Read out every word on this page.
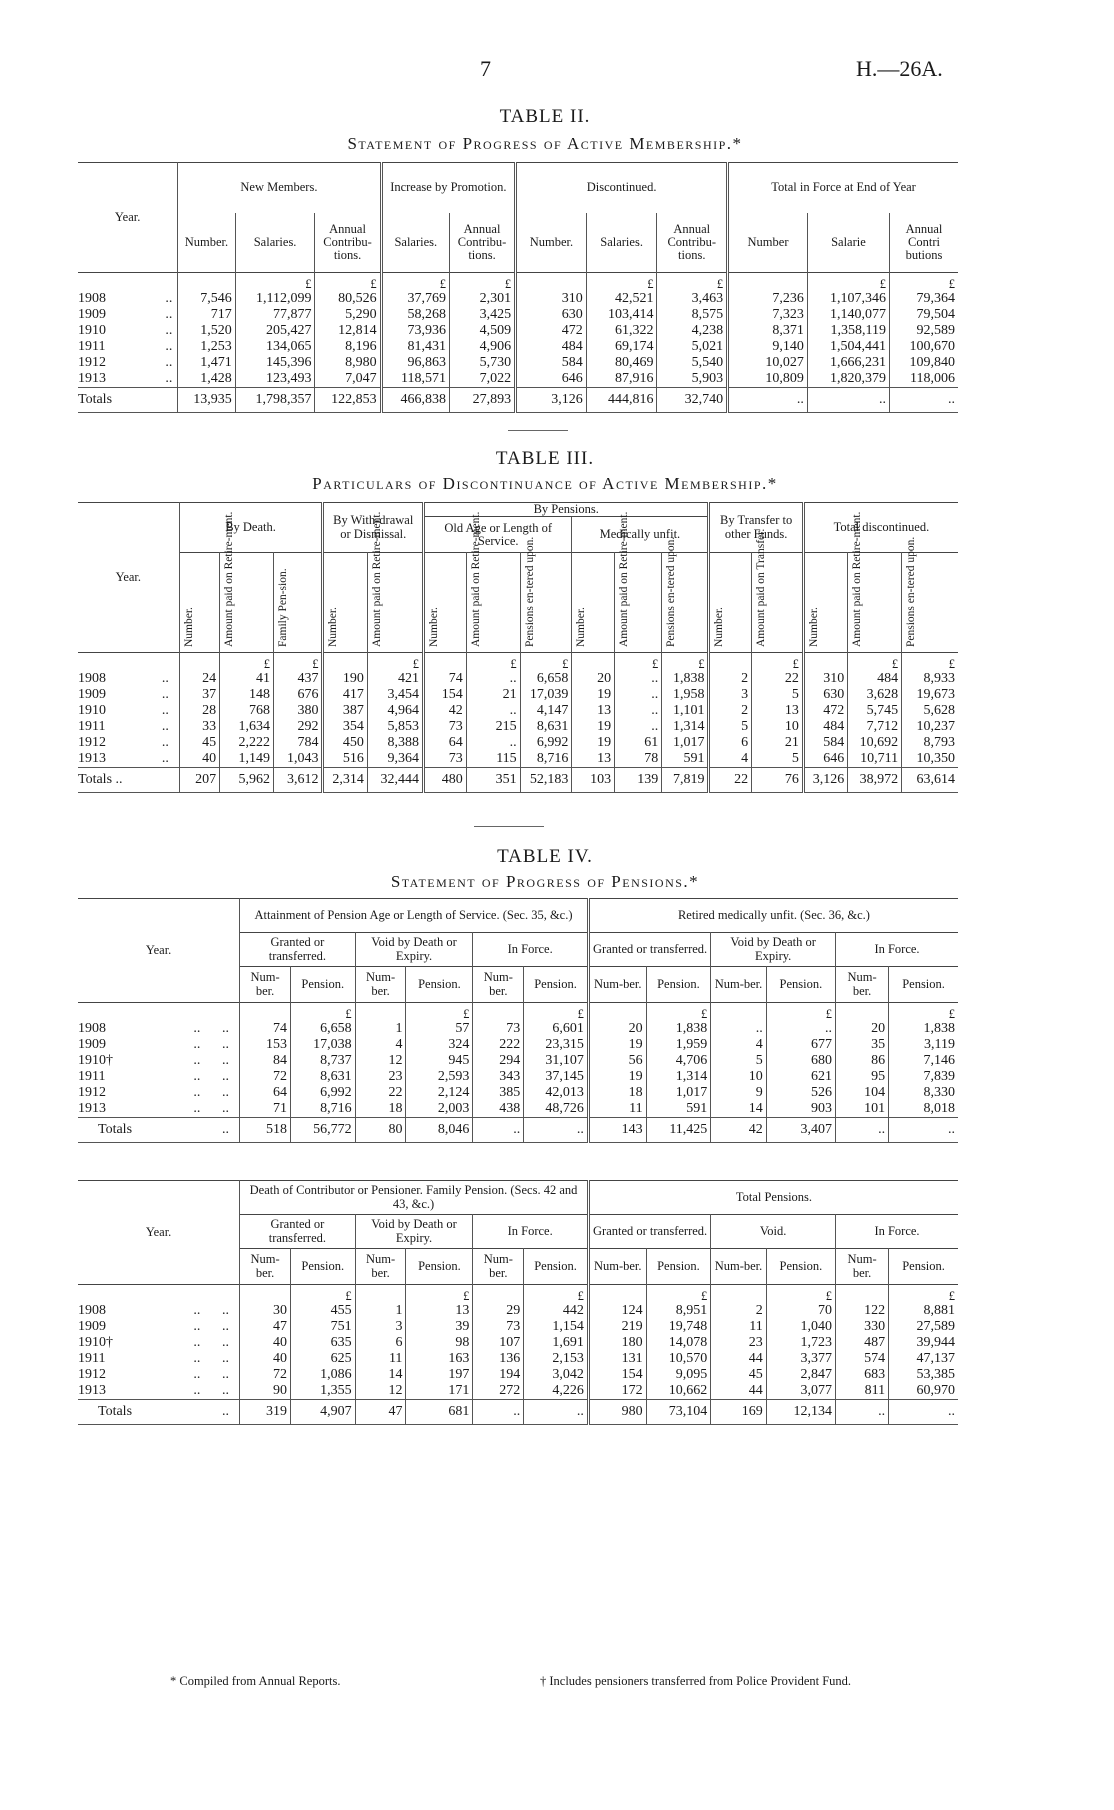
7	H.—26A.
TABLE II.
Statement of Progress of Active Membership.*
Year.		New Members.			Increase by Promotion.		Discontinued.			Total in Force at End of Year		
		Number.	Salaries.	Annual Contribu-tions.	Salaries.	Annual Contribu-tions.	Number.	Salaries.	Annual Contribu-tions.	Number	Salarie	Annual Contri butions
			£	£	£	£		£	£		£	£
1908	..	7,546	1,112,099	80,526	37,769	2,301	310	42,521	3,463	7,236	1,107,346	79,364
1909	..	717	77,877	5,290	58,268	3,425	630	103,414	8,575	7,323	1,140,077	79,504
1910	..	1,520	205,427	12,814	73,936	4,509	472	61,322	4,238	8,371	1,358,119	92,589
1911	..	1,253	134,065	8,196	81,431	4,906	484	69,174	5,021	9,140	1,504,441	100,670
1912	..	1,471	145,396	8,980	96,863	5,730	584	80,469	5,540	10,027	1,666,231	109,840
1913	..	1,428	123,493	7,047	118,571	7,022	646	87,916	5,903	10,809	1,820,379	118,006
Totals		13,935	1,798,357	122,853	466,838	27,893	3,126	444,816	32,740	..	..	..
TABLE III.
Particulars of Discontinuance of Active Membership.*
Year.		By Death.			By With-drawal or Dismissal.		By Pensions.						By Transfer to other Funds.		Total discontinued.		
							Old Age or Length of Service.			Medically unfit.							

		Number.	Amount paid on Retire-ment.	Family Pen-sion.	Number.	Amount paid on Retire-ment.	Number.	Amount paid on Retire-ment.	Pensions en-tered upon.	Number.	Amount paid on Retire-ment.	Pensions en-tered upon.	Number.	Amount paid on Transfer.	Number.	Amount paid on Retire-ment.	Pensions en-tered upon.

			£	£		£		£	£		£	£		£		£	£
1908	..	24	41	437	190	421	74	..	6,658	20	..	1,838	2	22	310	484	8,933
1909	..	37	148	676	417	3,454	154	21	17,039	19	..	1,958	3	5	630	3,628	19,673
1910	..	28	768	380	387	4,964	42	..	4,147	13	..	1,101	2	13	472	5,745	5,628
1911	..	33	1,634	292	354	5,853	73	215	8,631	19	..	1,314	5	10	484	7,712	10,237
1912	..	45	2,222	784	450	8,388	64	..	6,992	19	61	1,017	6	21	584	10,692	8,793
1913	..	40	1,149	1,043	516	9,364	73	115	8,716	13	78	591	4	5	646	10,711	10,350
Totals ..		207	5,962	3,612	2,314	32,444	480	351	52,183	103	139	7,819	22	76	3,126	38,972	63,614
TABLE IV.
Statement of Progress of Pensions.*
Year.			Attainment of Pension Age or Length of Service. (Sec. 35, &c.)						Retired medically unfit. (Sec. 36, &c.)					
			Granted or transferred.		Void by Death or Expiry.		In Force.		Granted or transferred.		Void by Death or Expiry.		In Force.	
			Num-ber.	Pension.	Num-ber.	Pension.	Num-ber.	Pension.	Num-ber.	Pension.	Num-ber.	Pension.	Num-ber.	Pension.
				£		£		£		£		£		£
1908	..	..	74	6,658	1	57	73	6,601	20	1,838	..	..	20	1,838
1909	..	..	153	17,038	4	324	222	23,315	19	1,959	4	677	35	3,119
1910†	..	..	84	8,737	12	945	294	31,107	56	4,706	5	680	86	7,146
1911	..	..	72	8,631	23	2,593	343	37,145	19	1,314	10	621	95	7,839
1912	..	..	64	6,992	22	2,124	385	42,013	18	1,017	9	526	104	8,330
1913	..	..	71	8,716	18	2,003	438	48,726	11	591	14	903	101	8,018
Totals		..	518	56,772	80	8,046	..	..	143	11,425	42	3,407	..	..
Year.			Death of Contributor or Pensioner. Family Pension. (Secs. 42 and 43, &c.)						Total Pensions.					
			Granted or transferred.		Void by Death or Expiry.		In Force.		Granted or transferred.		Void.		In Force.	
			Num-ber.	Pension.	Num-ber.	Pension.	Num-ber.	Pension.	Num-ber.	Pension.	Num-ber.	Pension.	Num-ber.	Pension.
				£		£		£		£		£		£
1908	..	..	30	455	1	13	29	442	124	8,951	2	70	122	8,881
1909	..	..	47	751	3	39	73	1,154	219	19,748	11	1,040	330	27,589
1910†	..	..	40	635	6	98	107	1,691	180	14,078	23	1,723	487	39,944
1911	..	..	40	625	11	163	136	2,153	131	10,570	44	3,377	574	47,137
1912	..	..	72	1,086	14	197	194	3,042	154	9,095	45	2,847	683	53,385
1913	..	..	90	1,355	12	171	272	4,226	172	10,662	44	3,077	811	60,970
Totals		..	319	4,907	47	681	..	..	980	73,104	169	12,134	..	..
* Compiled from Annual Reports.	† Includes pensioners transferred from Police Provident Fund.
